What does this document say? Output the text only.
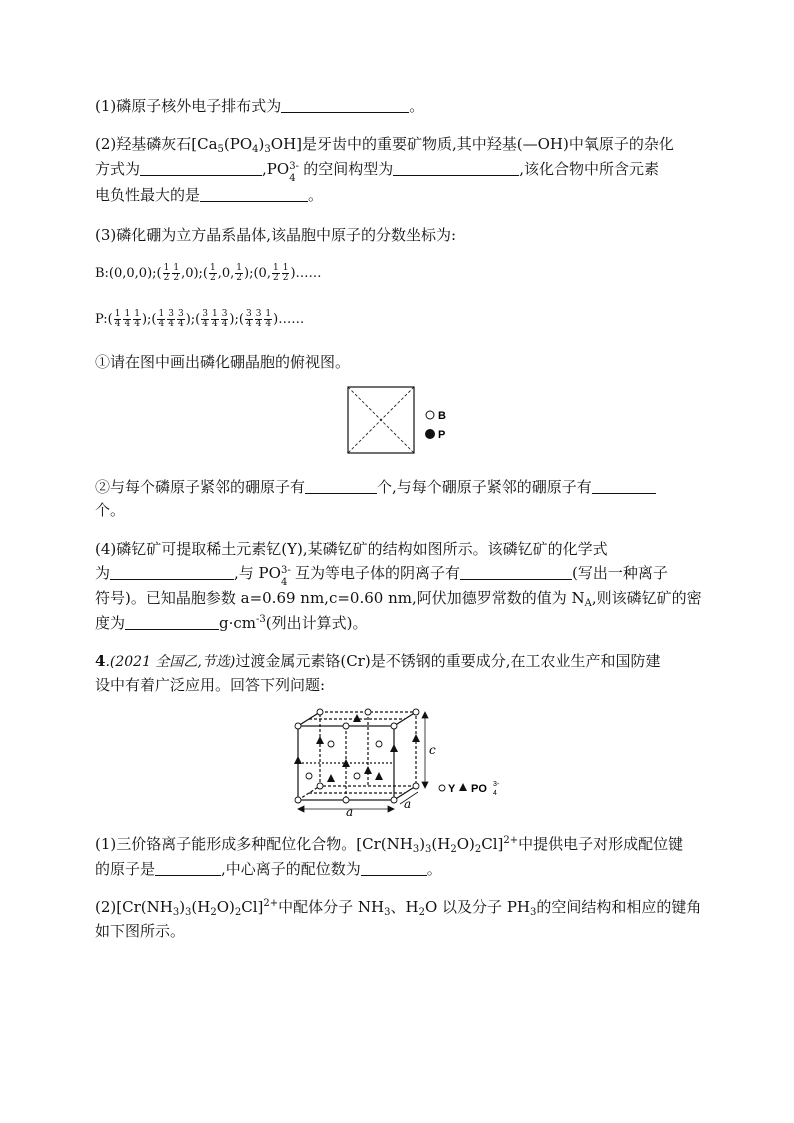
(1)磷原子核外电子排布式为	。
(2)羟基磷灰石$[Ca_5(PO_4)_3OH]$是牙齿中的重要矿物质,其中羟基(—OH)中氧原子的杂化
方式为	,PO 3-
4
的空间构型为	,该化合物中所含元素
电负性最大的是	。
(3)磷化硼为立方晶系晶体,该晶胞中原子的分数坐标为:
B:(0,0,0);( $\frac{1}{2} \frac{1}{2}$ ,0);( $\frac{1}{2} ,0$, $\frac{1}{2}$ );(0, $\frac{1}{2} \frac{1}{2}$ )……
P:( $\frac{1}{4} \frac{1}{4} \frac{1}{4}$ );( $\frac{1}{4} \frac{3}{4} \frac{3}{4}$ );( $\frac{3}{4} \frac{1}{4} \frac{3}{4}$ );( $\frac{3}{4} \frac{3}{4} \frac{1}{4}$ )……
①请在图中画出磷化硼晶胞的俯视图。
B
P
②与每个磷原子紧邻的硼原子有	个,与每个硼原子紧邻的硼原子有
个。
(4)磷钇矿可提取稀土元素钇(Y),某磷钇矿的结构如图所示。该磷钇矿的化学式
为	,与 PO 3-
4
互为等电子体的阴离子有	(写出一种离子
符号)。已知晶胞参数 a=0.69 nm,c=0.60 nm,阿伏加德罗常数的值为 $N_A$,则该磷钇矿的密
度为	$g\cdot cm^{-3}$(列出计算式)。
4.(2021 全国乙,节选)过渡金属元素铬(Cr)是不锈钢的重要成分,在工农业生产和国防建
设中有着广泛应用。回答下列问题:
c
a
a
Y PO 3-
4
(1)三价铬离子能形成多种配位化合物。$[Cr(NH_3)_3(H_2O)_2Cl]^{2+}$中提供电子对形成配位键
的原子是	,中心离子的配位数为	。
$(2)[Cr(NH_3)_3(H_2O)_2Cl]^{2+}$中配体分子 $NH_3$、$H_2O$ 以及分子 $PH_3$的空间结构和相应的键角
如下图所示。
